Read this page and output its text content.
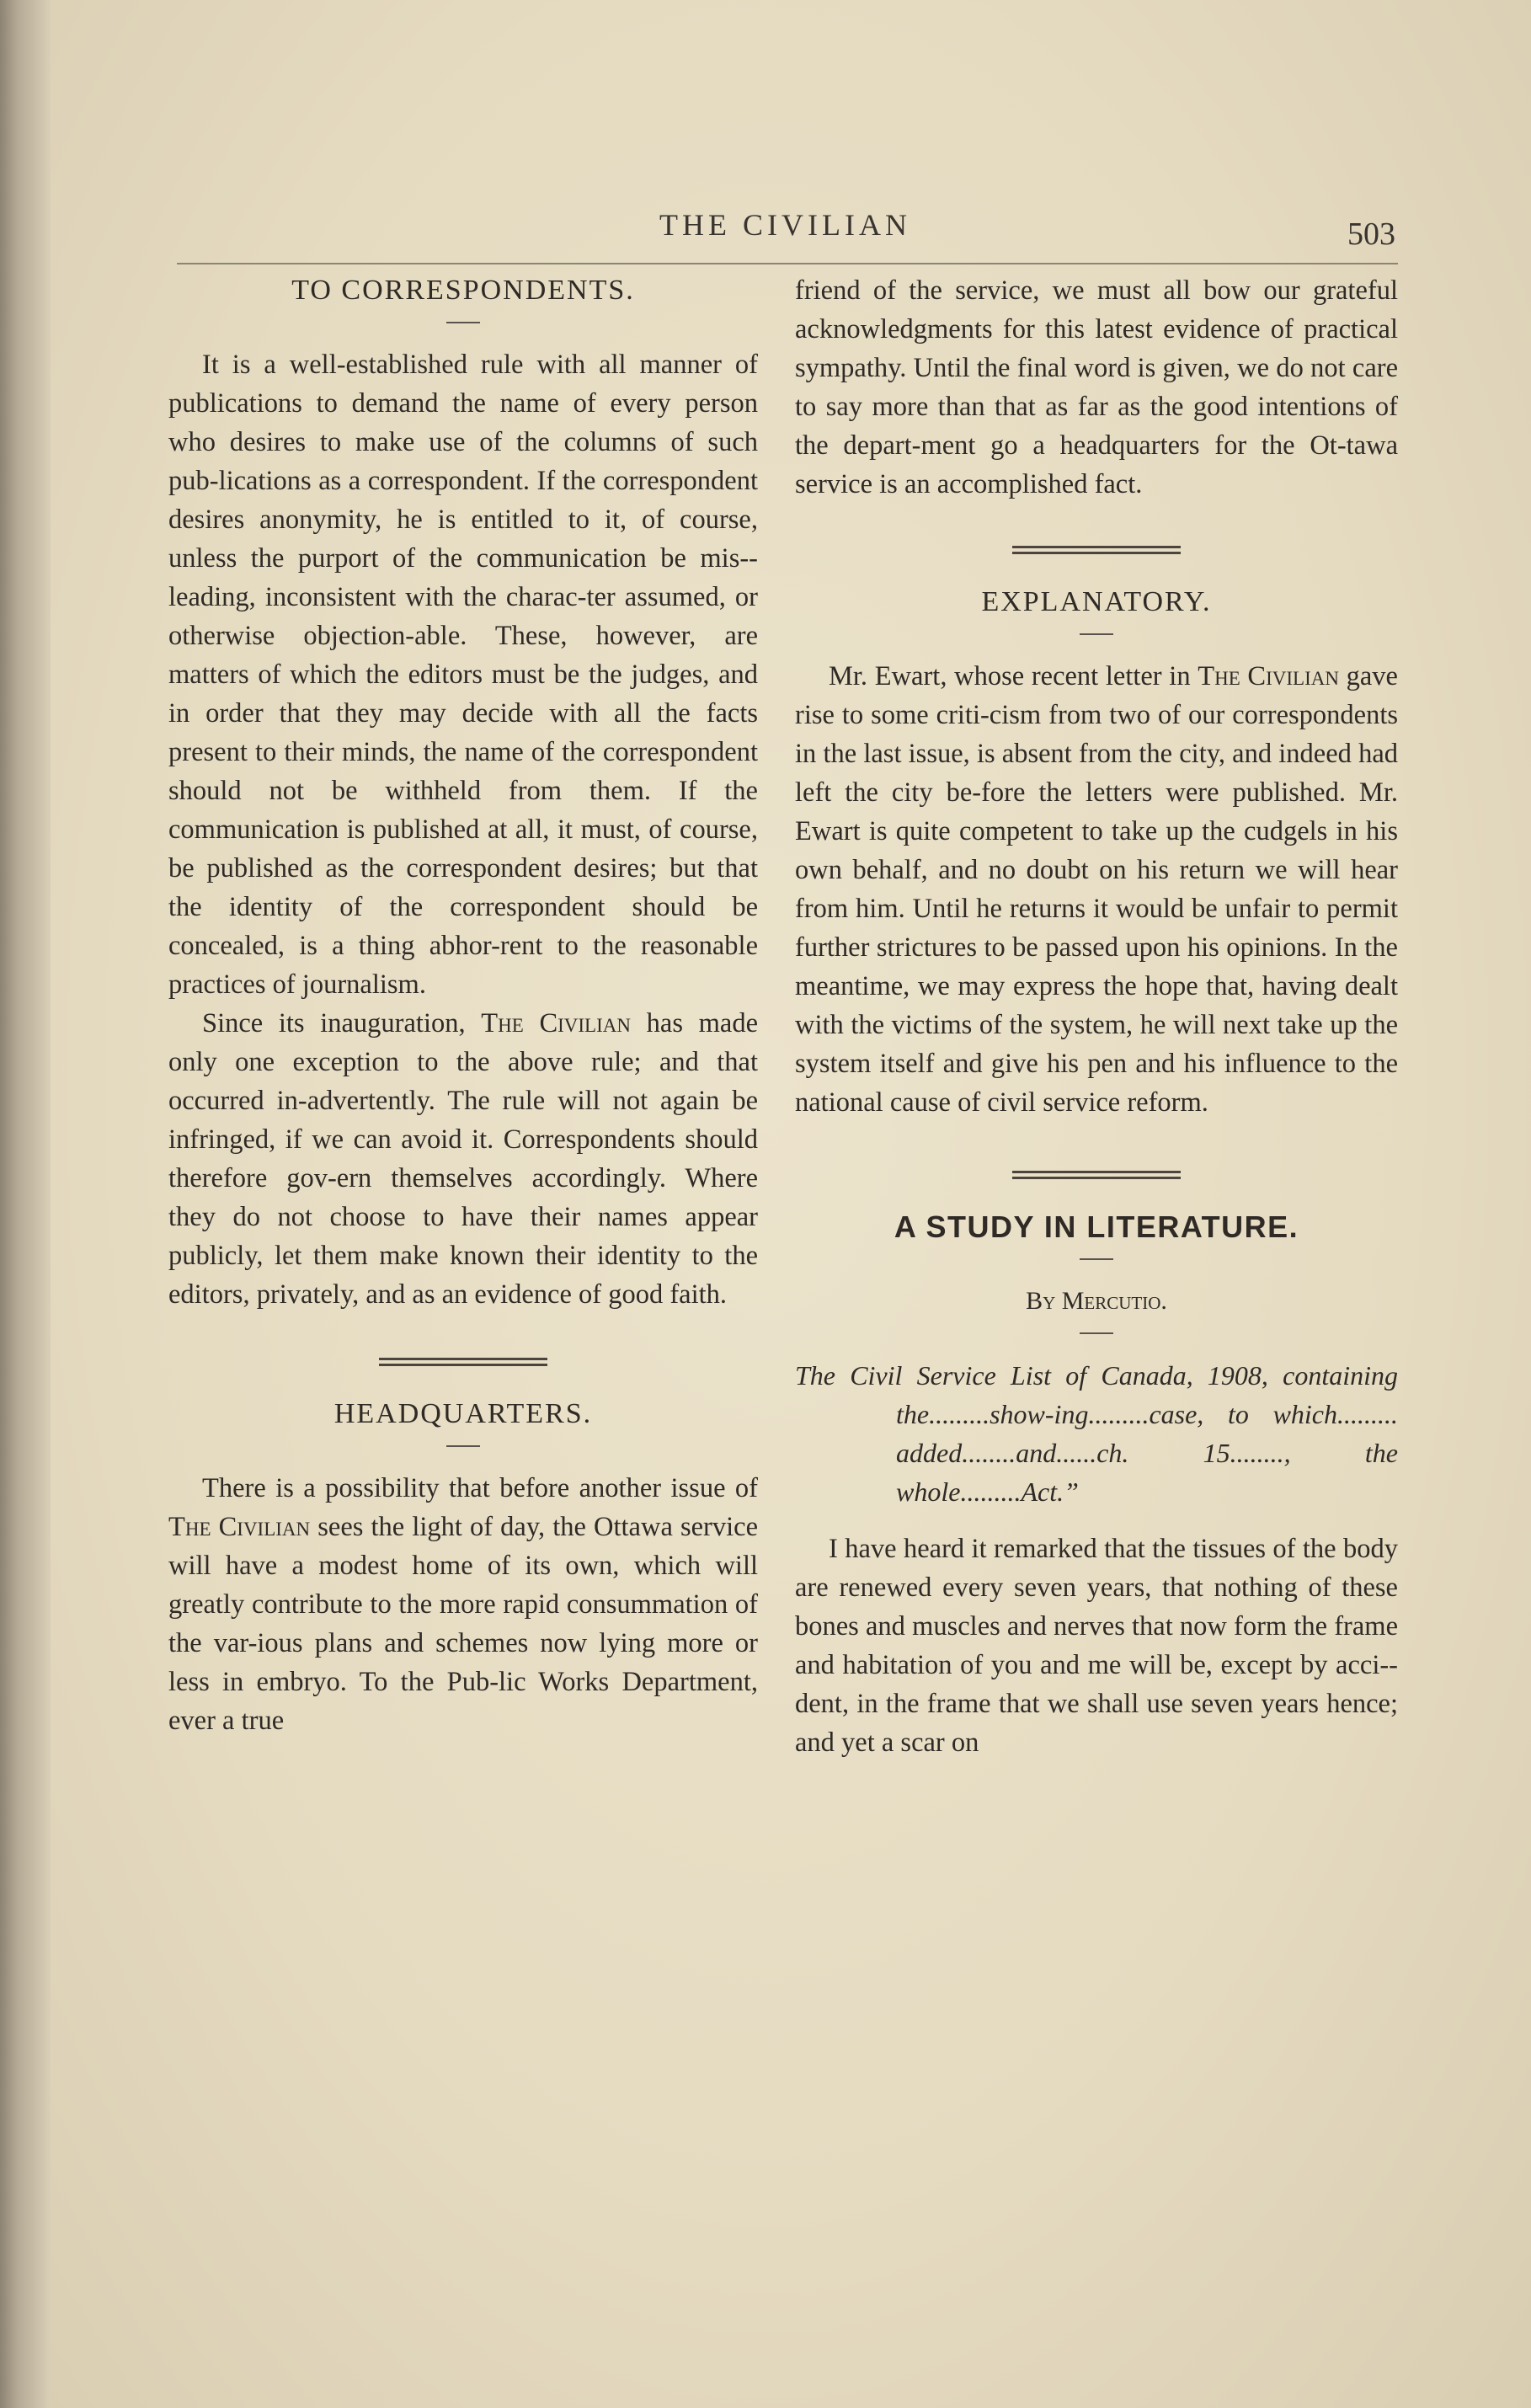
THE CIVILIAN	503
TO CORRESPONDENTS.

It is a well-established rule with all manner of publications to demand the name of every person who desires to make use of the columns of such pub-lications as a correspondent. If the correspondent desires anonymity, he is entitled to it, of course, unless the purport of the communication be mis-leading, inconsistent with the charac-ter assumed, or otherwise objection-able. These, however, are matters of which the editors must be the judges, and in order that they may decide with all the facts present to their minds, the name of the correspondent should not be withheld from them. If the communication is published at all, it must, of course, be published as the correspondent desires; but that the identity of the correspondent should be concealed, is a thing abhor-rent to the reasonable practices of journalism.

Since its inauguration, The Civilian has made only one exception to the above rule; and that occurred in-advertently. The rule will not again be infringed, if we can avoid it. Correspondents should therefore gov-ern themselves accordingly. Where they do not choose to have their names appear publicly, let them make known their identity to the editors, privately, and as an evidence of good faith.

HEADQUARTERS.

There is a possibility that before another issue of The Civilian sees the light of day, the Ottawa service will have a modest home of its own, which will greatly contribute to the more rapid consummation of the var-ious plans and schemes now lying more or less in embryo. To the Pub-lic Works Department, ever a true

friend of the service, we must all bow our grateful acknowledgments for this latest evidence of practical sympathy. Until the final word is given, we do not care to say more than that as far as the good intentions of the depart-ment go a headquarters for the Ot-tawa service is an accomplished fact.

EXPLANATORY.

Mr. Ewart, whose recent letter in The Civilian gave rise to some criti-cism from two of our correspondents in the last issue, is absent from the city, and indeed had left the city be-fore the letters were published. Mr. Ewart is quite competent to take up the cudgels in his own behalf, and no doubt on his return we will hear from him. Until he returns it would be unfair to permit further strictures to be passed upon his opinions. In the meantime, we may express the hope that, having dealt with the victims of the system, he will next take up the system itself and give his pen and his influence to the national cause of civil service reform.

A STUDY IN LITERATURE.

By Mercutio.

The Civil Service List of Canada, 1908, containing the.........show-ing.........case, to which......... added........and......ch. 15........, the whole.........Act.”

I have heard it remarked that the tissues of the body are renewed every seven years, that nothing of these bones and muscles and nerves that now form the frame and habitation of you and me will be, except by acci-dent, in the frame that we shall use seven years hence; and yet a scar on
